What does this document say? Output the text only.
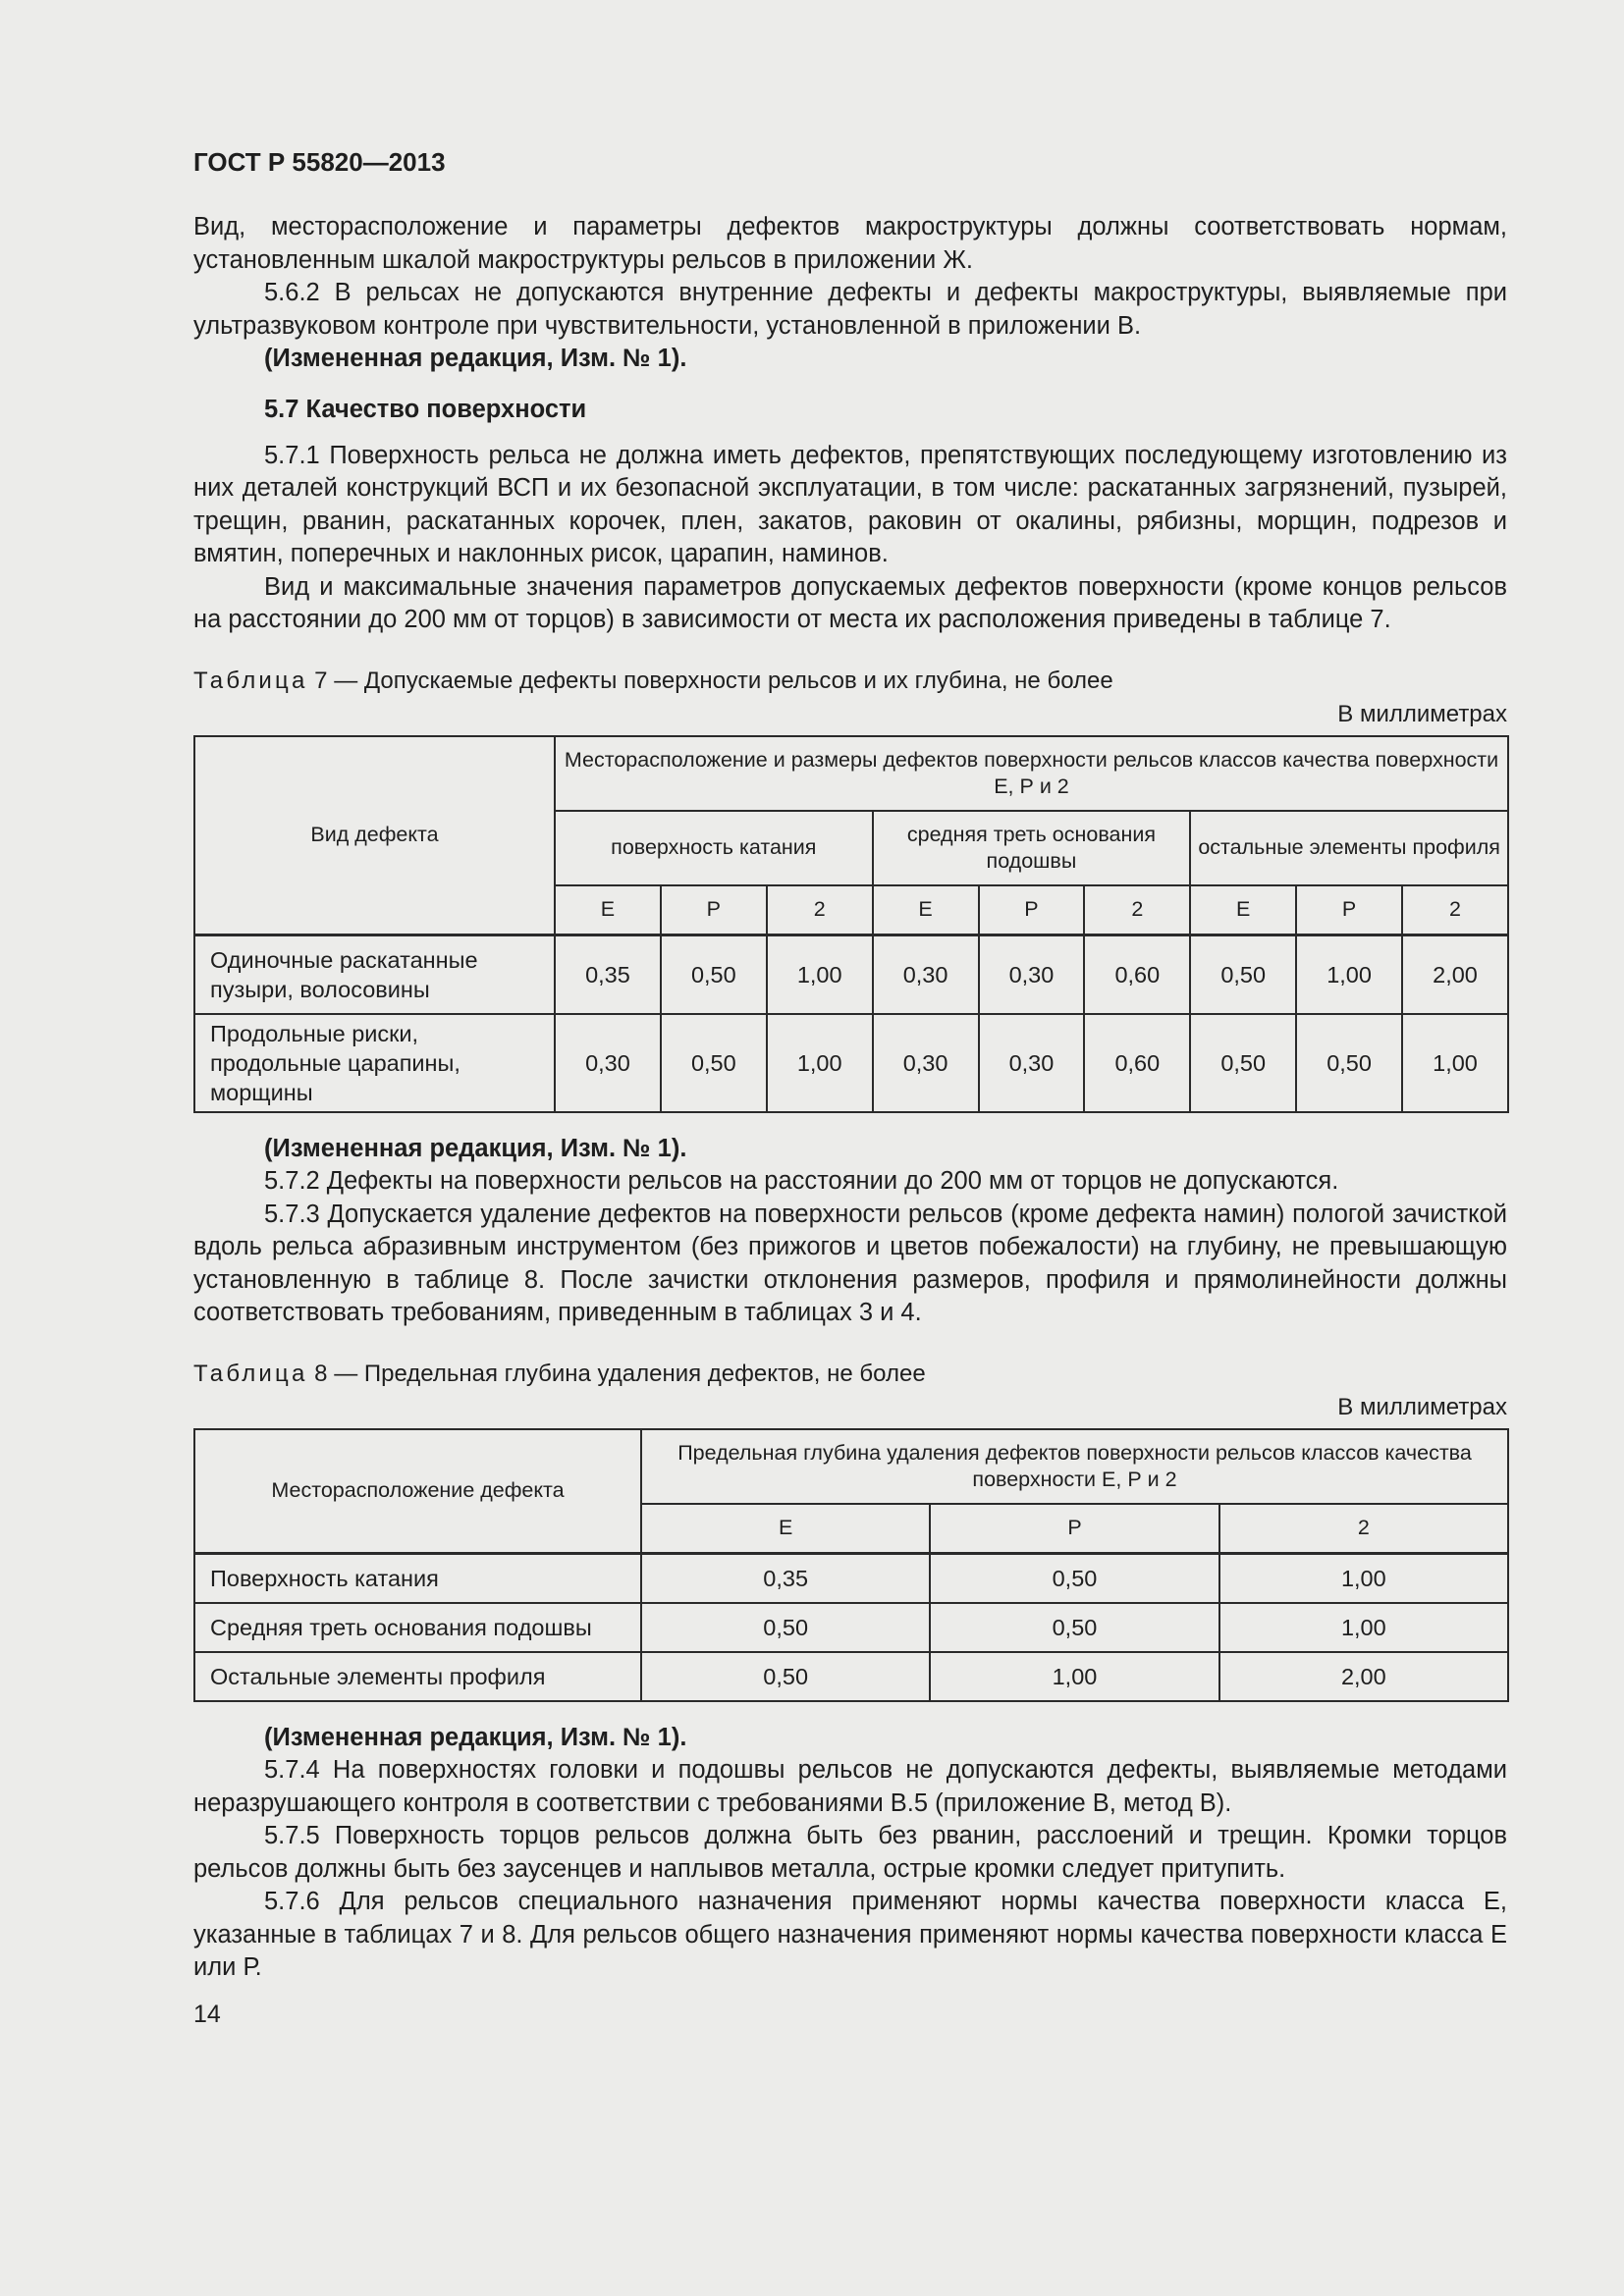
ГОСТ Р 55820—2013

Вид, месторасположение и параметры дефектов макроструктуры должны соответствовать нормам, установленным шкалой макроструктуры рельсов в приложении Ж.

5.6.2 В рельсах не допускаются внутренние дефекты и дефекты макроструктуры, выявляемые при ультразвуковом контроле при чувствительности, установленной в приложении В.

(Измененная редакция, Изм. № 1).

5.7 Качество поверхности

5.7.1 Поверхность рельса не должна иметь дефектов, препятствующих последующему изготовлению из них деталей конструкций ВСП и их безопасной эксплуатации, в том числе: раскатанных загрязнений, пузырей, трещин, рванин, раскатанных корочек, плен, закатов, раковин от окалины, рябизны, морщин, подрезов и вмятин, поперечных и наклонных рисок, царапин, наминов.

Вид и максимальные значения параметров допускаемых дефектов поверхности (кроме концов рельсов на расстоянии до 200 мм от торцов) в зависимости от места их расположения приведены в таблице 7.

Таблица 7 — Допускаемые дефекты поверхности рельсов и их глубина, не более
В миллиметрах
Вид дефекта	Месторасположение и размеры дефектов поверхности рельсов классов качества поверхности Е, Р и 2								
	поверхность катания			средняя треть основания подошвы			остальные элементы профиля		
	Е	Р	2	Е	Р	2	Е	Р	2
Одиночные раскатанные пузыри, волосовины	0,35	0,50	1,00	0,30	0,30	0,60	0,50	1,00	2,00
Продольные риски, продольные царапины, морщины	0,30	0,50	1,00	0,30	0,30	0,60	0,50	0,50	1,00

(Измененная редакция, Изм. № 1).

5.7.2 Дефекты на поверхности рельсов на расстоянии до 200 мм от торцов не допускаются.

5.7.3 Допускается удаление дефектов на поверхности рельсов (кроме дефекта намин) пологой зачисткой вдоль рельса абразивным инструментом (без прижогов и цветов побежалости) на глубину, не превышающую установленную в таблице 8. После зачистки отклонения размеров, профиля и прямолинейности должны соответствовать требованиям, приведенным в таблицах 3 и 4.

Таблица 8 — Предельная глубина удаления дефектов, не более
В миллиметрах
Месторасположение дефекта	Предельная глубина удаления дефектов поверхности рельсов классов качества поверхности Е, Р и 2		
	Е	Р	2
Поверхность катания	0,35	0,50	1,00
Средняя треть основания подошвы	0,50	0,50	1,00
Остальные элементы профиля	0,50	1,00	2,00

(Измененная редакция, Изм. № 1).

5.7.4 На поверхностях головки и подошвы рельсов не допускаются дефекты, выявляемые методами неразрушающего контроля в соответствии с требованиями В.5 (приложение В, метод В).

5.7.5 Поверхность торцов рельсов должна быть без рванин, расслоений и трещин. Кромки торцов рельсов должны быть без заусенцев и наплывов металла, острые кромки следует притупить.

5.7.6 Для рельсов специального назначения применяют нормы качества поверхности класса Е, указанные в таблицах 7 и 8. Для рельсов общего назначения применяют нормы качества поверхности класса Е или Р.

14
